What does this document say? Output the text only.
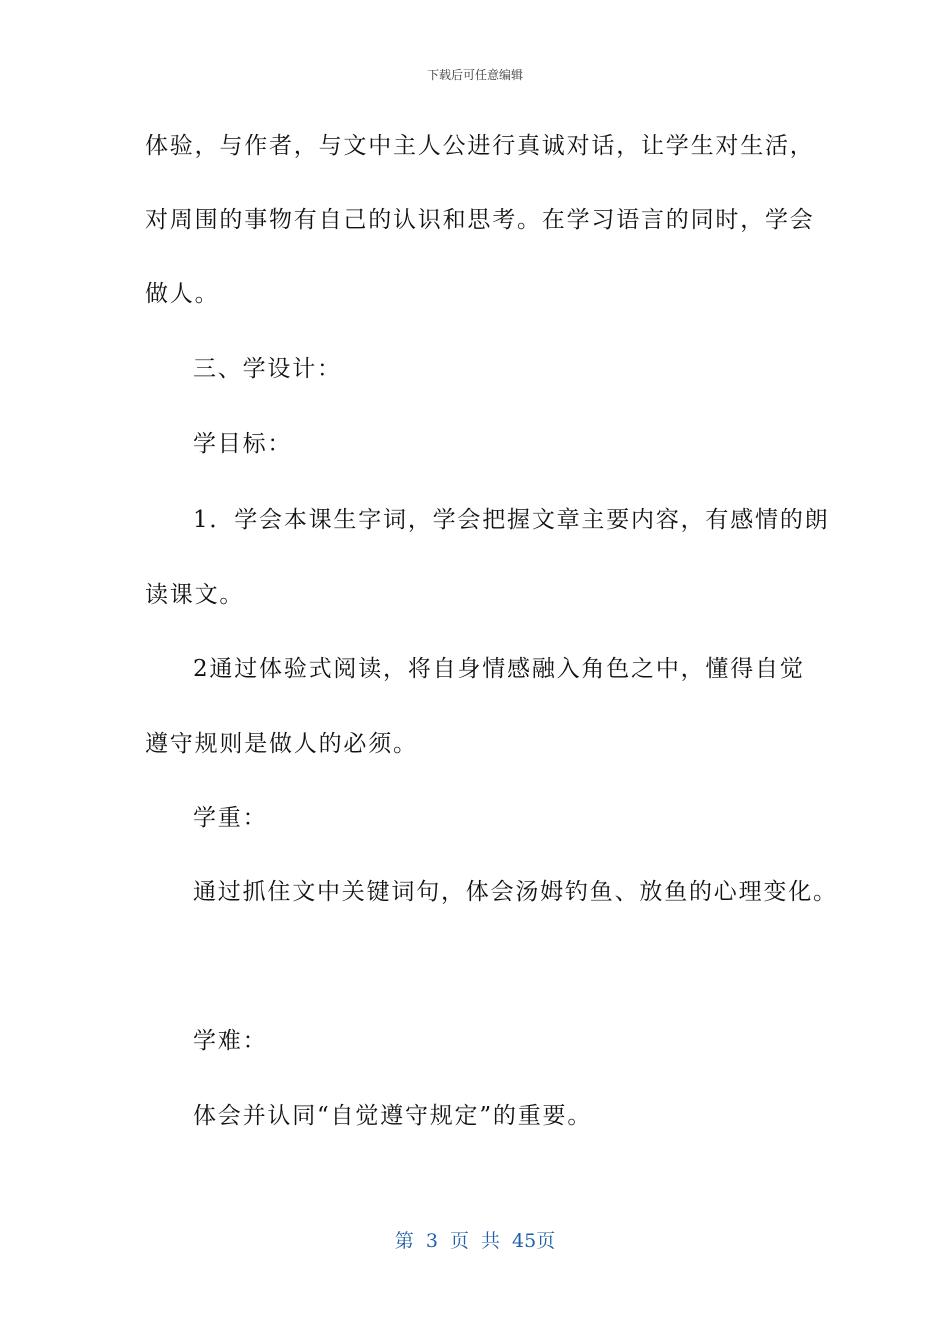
下载后可任意编辑
体验，与作者，与文中主人公进行真诚对话，让学生对生活，
对周围的事物有自己的认识和思考。在学习语言的同时，学会
做人。
三、学设计：
学目标：
1．学会本课生字词，学会把握文章主要内容，有感情的朗
读课文。
2通过体验式阅读，将自身情感融入角色之中，懂得自觉
遵守规则是做人的必须。
学重：
通过抓住文中关键词句，体会汤姆钓鱼、放鱼的心理变化。
学难：
体会并认同“自觉遵守规定”的重要。
第 3 页 共 45页
